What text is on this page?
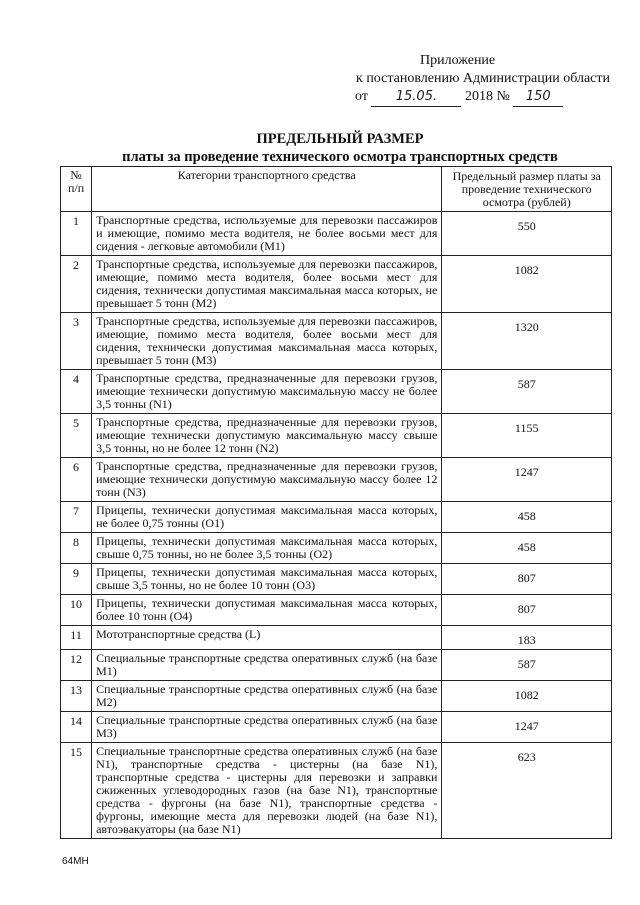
Приложение
к постановлению Администрации области
от 15.05. 2018 № 150
ПРЕДЕЛЬНЫЙ РАЗМЕР
платы за проведение технического осмотра транспортных средств
№ п/п	Категории транспортного средства	Предельный размер платы за проведение технического осмотра (рублей)
1	Транспортные средства, используемые для перевозки пассажиров и имеющие, помимо места водителя, не более восьми мест для сидения - легковые автомобили (М1)	550
2	Транспортные средства, используемые для перевозки пассажиров, имеющие, помимо места водителя, более восьми мест для сидения, технически допустимая максимальная масса которых, не превышает 5 тонн (М2)	1082
3	Транспортные средства, используемые для перевозки пассажиров, имеющие, помимо места водителя, более восьми мест для сидения, технически допустимая максимальная масса которых, превышает 5 тонн (М3)	1320
4	Транспортные средства, предназначенные для перевозки грузов, имеющие технически допустимую максимальную массу не более 3,5 тонны (N1)	587
5	Транспортные средства, предназначенные для перевозки грузов, имеющие технически допустимую максимальную массу свыше 3,5 тонны, но не более 12 тонн (N2)	1155
6	Транспортные средства, предназначенные для перевозки грузов, имеющие технически допустимую максимальную массу более 12 тонн (N3)	1247
7	Прицепы, технически допустимая максимальная масса которых, не более 0,75 тонны (О1)	458
8	Прицепы, технически допустимая максимальная масса которых, свыше 0,75 тонны, но не более 3,5 тонны (О2)	458
9	Прицепы, технически допустимая максимальная масса которых, свыше 3,5 тонны, но не более 10 тонн (О3)	807
10	Прицепы, технически допустимая максимальная масса которых, более 10 тонн (О4)	807
11	Мототранспортные средства (L)	183
12	Специальные транспортные средства оперативных служб (на базе М1)	587
13	Специальные транспортные средства оперативных служб (на базе М2)	1082
14	Специальные транспортные средства оперативных служб (на базе М3)	1247
15	Специальные транспортные средства оперативных служб (на базе N1), транспортные средства - цистерны (на базе N1), транспортные средства - цистерны для перевозки и заправки сжиженных углеводородных газов (на базе N1), транспортные средства - фургоны (на базе N1), транспортные средства - фургоны, имеющие места для перевозки людей (на базе N1), автоэвакуаторы (на базе N1)	623
64МН
